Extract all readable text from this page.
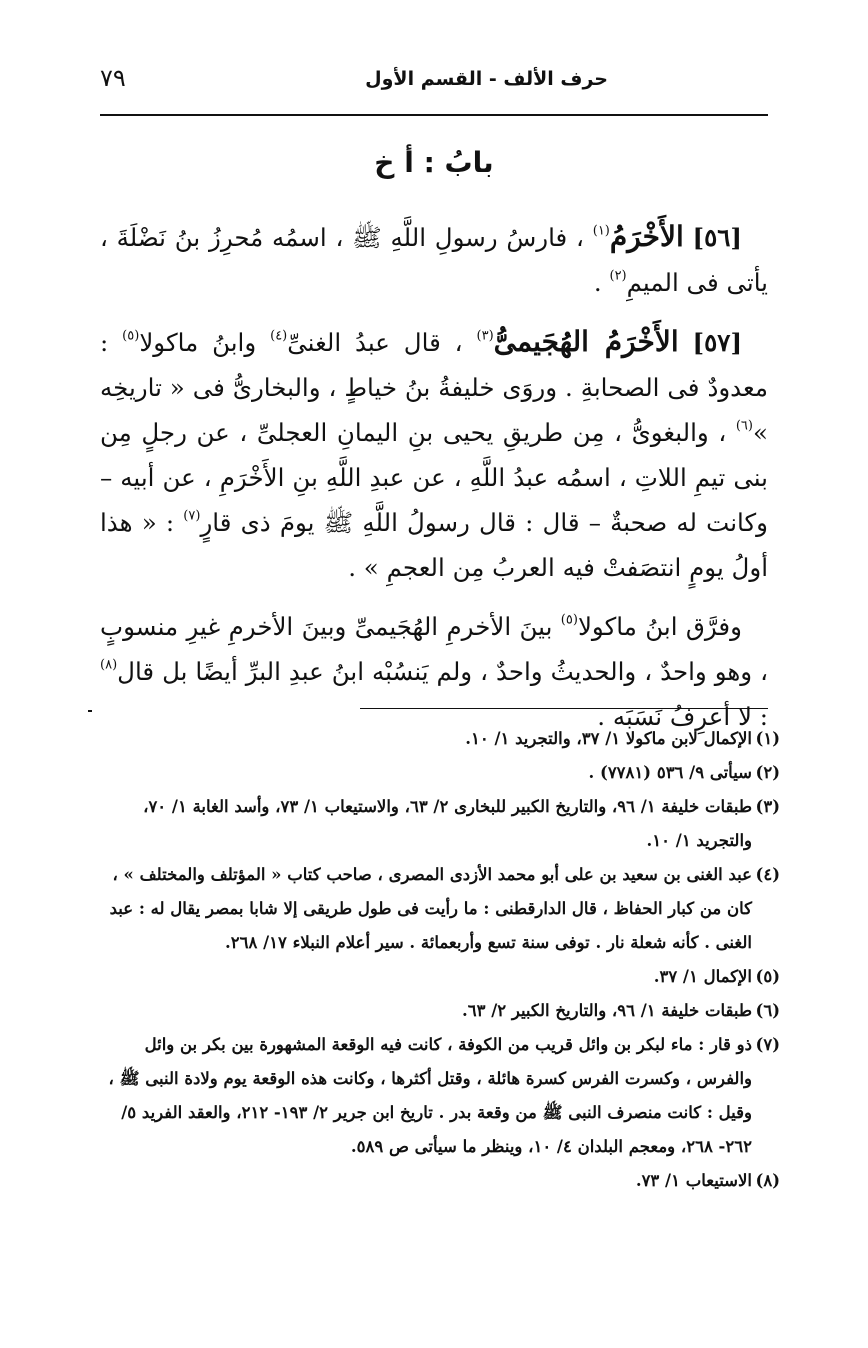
حرف الألف - القسم الأول
٧٩
بابُ : أ خ

[٥٦] الأَخْرَمُ$^{(١)}$ ، فارسُ رسولِ اللَّهِ ﷺ ، اسمُه مُحرِزُ بنُ نَضْلَةَ ، يأتى فى الميمِ$^{(٢)}$ .

[٥٧] الأَخْرَمُ الهُجَيمىُّ$^{(٣)}$ ، قال عبدُ الغنىِّ$^{(٤)}$ وابنُ ماكولا$^{(٥)}$ : معدودٌ فى الصحابةِ . وروَى خليفةُ بنُ خياطٍ ، والبخارىُّ فى « تاريخِه »$^{(٦)}$ ، والبغوىُّ ، مِن طريقِ يحيى بنِ اليمانِ العجلىِّ ، عن رجلٍ مِن بنى تيمِ اللاتِ ، اسمُه عبدُ اللَّهِ ، عن عبدِ اللَّهِ بنِ الأَخْرَمِ ، عن أبيه – وكانت له صحبةٌ – قال : قال رسولُ اللَّهِ ﷺ يومَ ذى قارٍ$^{(٧)}$ : « هذا أولُ يومٍ انتصَفتْ فيه العربُ مِن العجمِ » .

وفرَّق ابنُ ماكولا$^{(٥)}$ بينَ الأخرمِ الهُجَيمىِّ وبينَ الأخرمِ غيرِ منسوبٍ ، وهو واحدٌ ، والحديثُ واحدٌ ، ولم يَنسُبْه ابنُ عبدِ البرِّ أيضًا بل قال$^{(٨)}$ : لا أعرِفُ نَسَبَه .

(١)الإكمال لابن ماكولا ١/ ٣٧، والتجريد ١/ ١٠.

(٢)سيأتى ٩/ ٥٣٦ (٧٧٨١) .

(٣)طبقات خليفة ١/ ٩٦، والتاريخ الكبير للبخارى ٢/ ٦٣، والاستيعاب ١/ ٧٣، وأسد الغابة ١/ ٧٠، والتجريد ١/ ١٠.

(٤)عبد الغنى بن سعيد بن على أبو محمد الأزدى المصرى ، صاحب كتاب « المؤتلف والمختلف » ، كان من كبار الحفاظ ، قال الدارقطنى : ما رأيت فى طول طريقى إلا شابا بمصر يقال له : عبد الغنى . كأنه شعلة نار . توفى سنة تسع وأربعمائة . سير أعلام النبلاء ١٧/ ٢٦٨.

(٥)الإكمال ١/ ٣٧.

(٦)طبقات خليفة ١/ ٩٦، والتاريخ الكبير ٢/ ٦٣.

(٧)ذو قار : ماء لبكر بن وائل قريب من الكوفة ، كانت فيه الوقعة المشهورة بين بكر بن وائل والفرس ، وكسرت الفرس كسرة هائلة ، وقتل أكثرها ، وكانت هذه الوقعة يوم ولادة النبى ﷺ ، وقيل : كانت منصرف النبى ﷺ من وقعة بدر . تاريخ ابن جرير ٢/ ١٩٣- ٢١٢، والعقد الفريد ٥/ ٢٦٢- ٢٦٨، ومعجم البلدان ٤/ ١٠، وينظر ما سيأتى ص ٥٨٩.

(٨)الاستيعاب ١/ ٧٣.
